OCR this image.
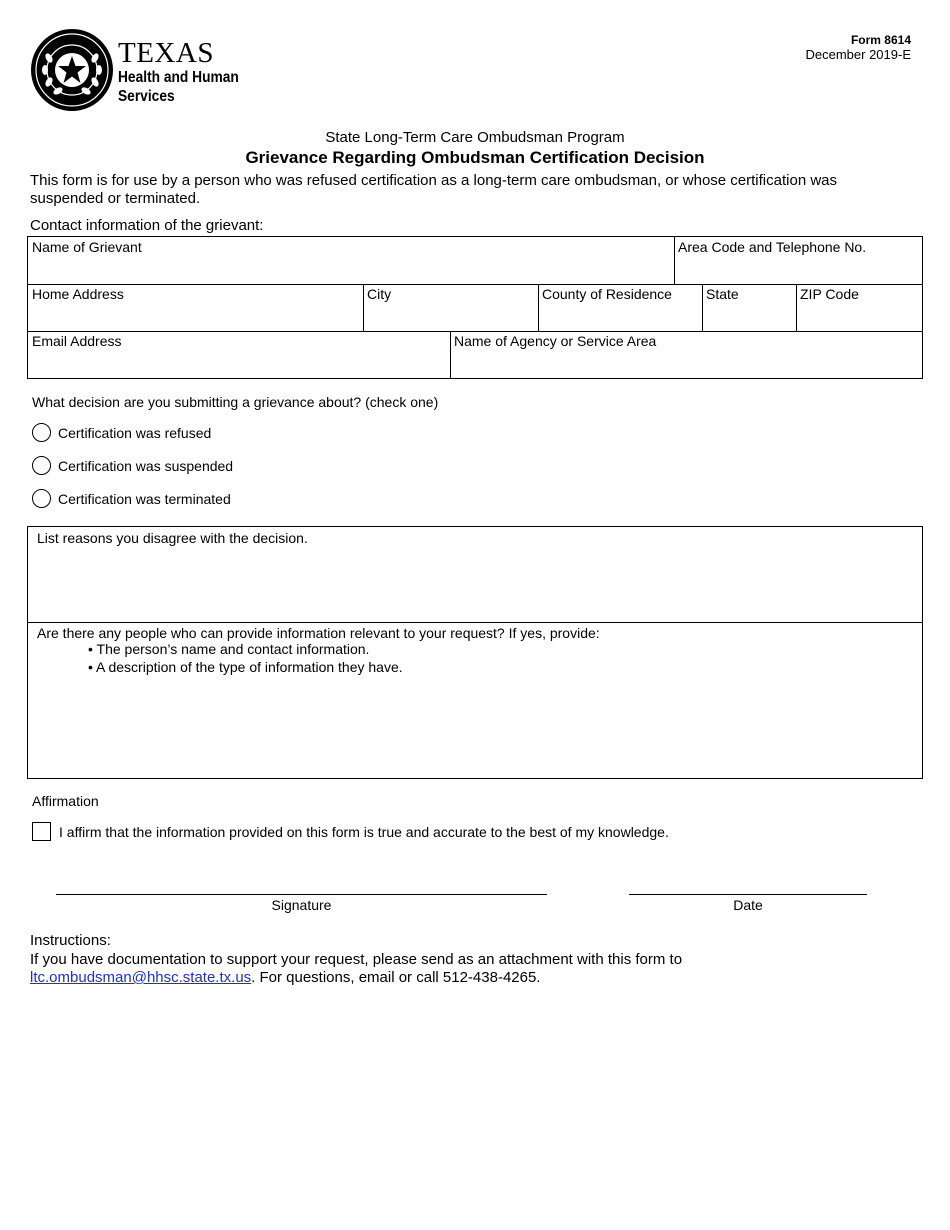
TEXAS
Health and Human
Services
Form 8614
December 2019-E
State Long-Term Care Ombudsman Program
Grievance Regarding Ombudsman Certification Decision
This form is for use by a person who was refused certification as a long-term care ombudsman, or whose certification was suspended or terminated.
Contact information of the grievant:
Name of Grievant	Area Code and Telephone No.
Home Address	City	County of Residence	State	ZIP Code
Email Address	Name of Agency or Service Area
What decision are you submitting a grievance about? (check one)
Certification was refused
Certification was suspended
Certification was terminated
List reasons you disagree with the decision.
Are there any people who can provide information relevant to your request? If yes, provide:
• The person’s name and contact information.
• A description of the type of information they have.
Affirmation
I affirm that the information provided on this form is true and accurate to the best of my knowledge.
Signature	Date
Instructions:
If you have documentation to support your request, please send as an attachment with this form to
ltc.ombudsman@hhsc.state.tx.us. For questions, email or call 512-438-4265.
